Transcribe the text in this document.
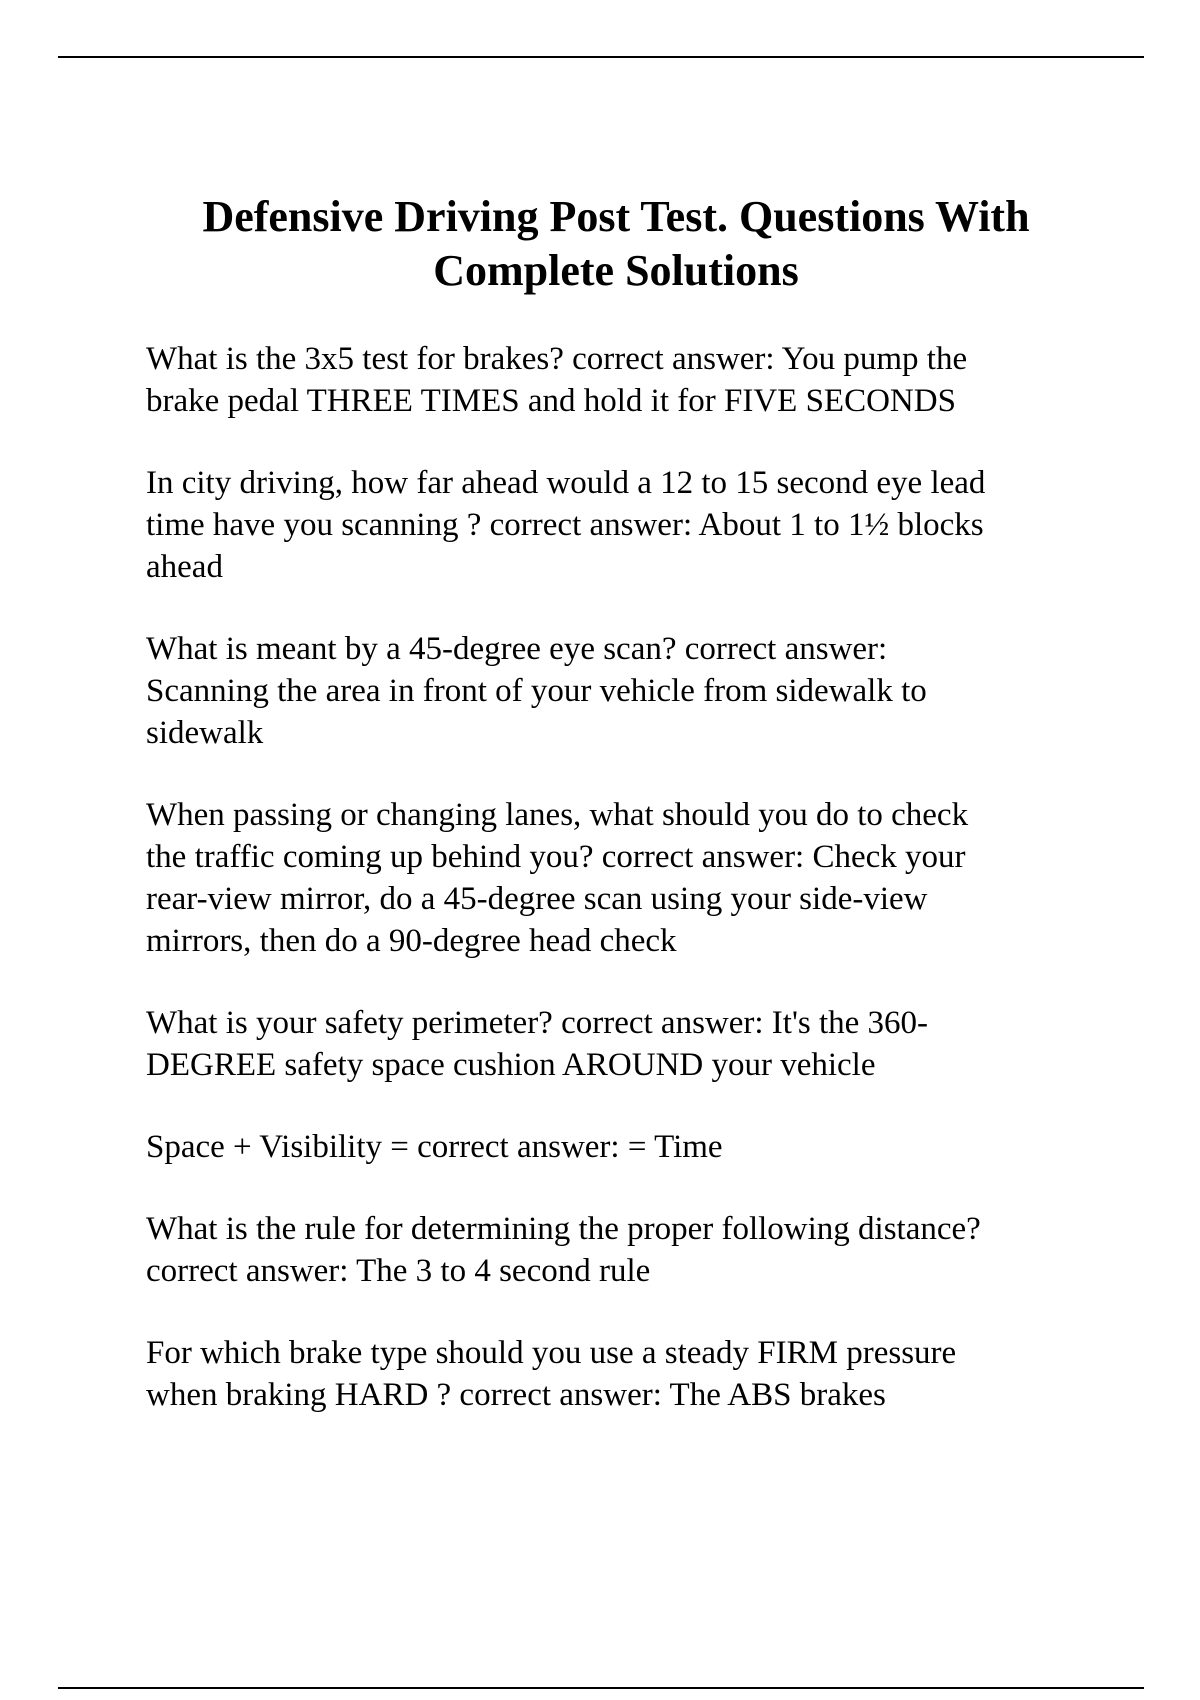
Defensive Driving Post Test. Questions With
Complete Solutions

What is the 3x5 test for brakes? correct answer: You pump the
brake pedal THREE TIMES and hold it for FIVE SECONDS

In city driving, how far ahead would a 12 to 15 second eye lead
time have you scanning ? correct answer: About 1 to 1½ blocks
ahead

What is meant by a 45-degree eye scan? correct answer:
Scanning the area in front of your vehicle from sidewalk to
sidewalk

When passing or changing lanes, what should you do to check
the traffic coming up behind you? correct answer: Check your
rear-view mirror, do a 45-degree scan using your side-view
mirrors, then do a 90-degree head check

What is your safety perimeter? correct answer: It's the 360-
DEGREE safety space cushion AROUND your vehicle

Space + Visibility = correct answer: = Time

What is the rule for determining the proper following distance?
correct answer: The 3 to 4 second rule

For which brake type should you use a steady FIRM pressure
when braking HARD ? correct answer: The ABS brakes
